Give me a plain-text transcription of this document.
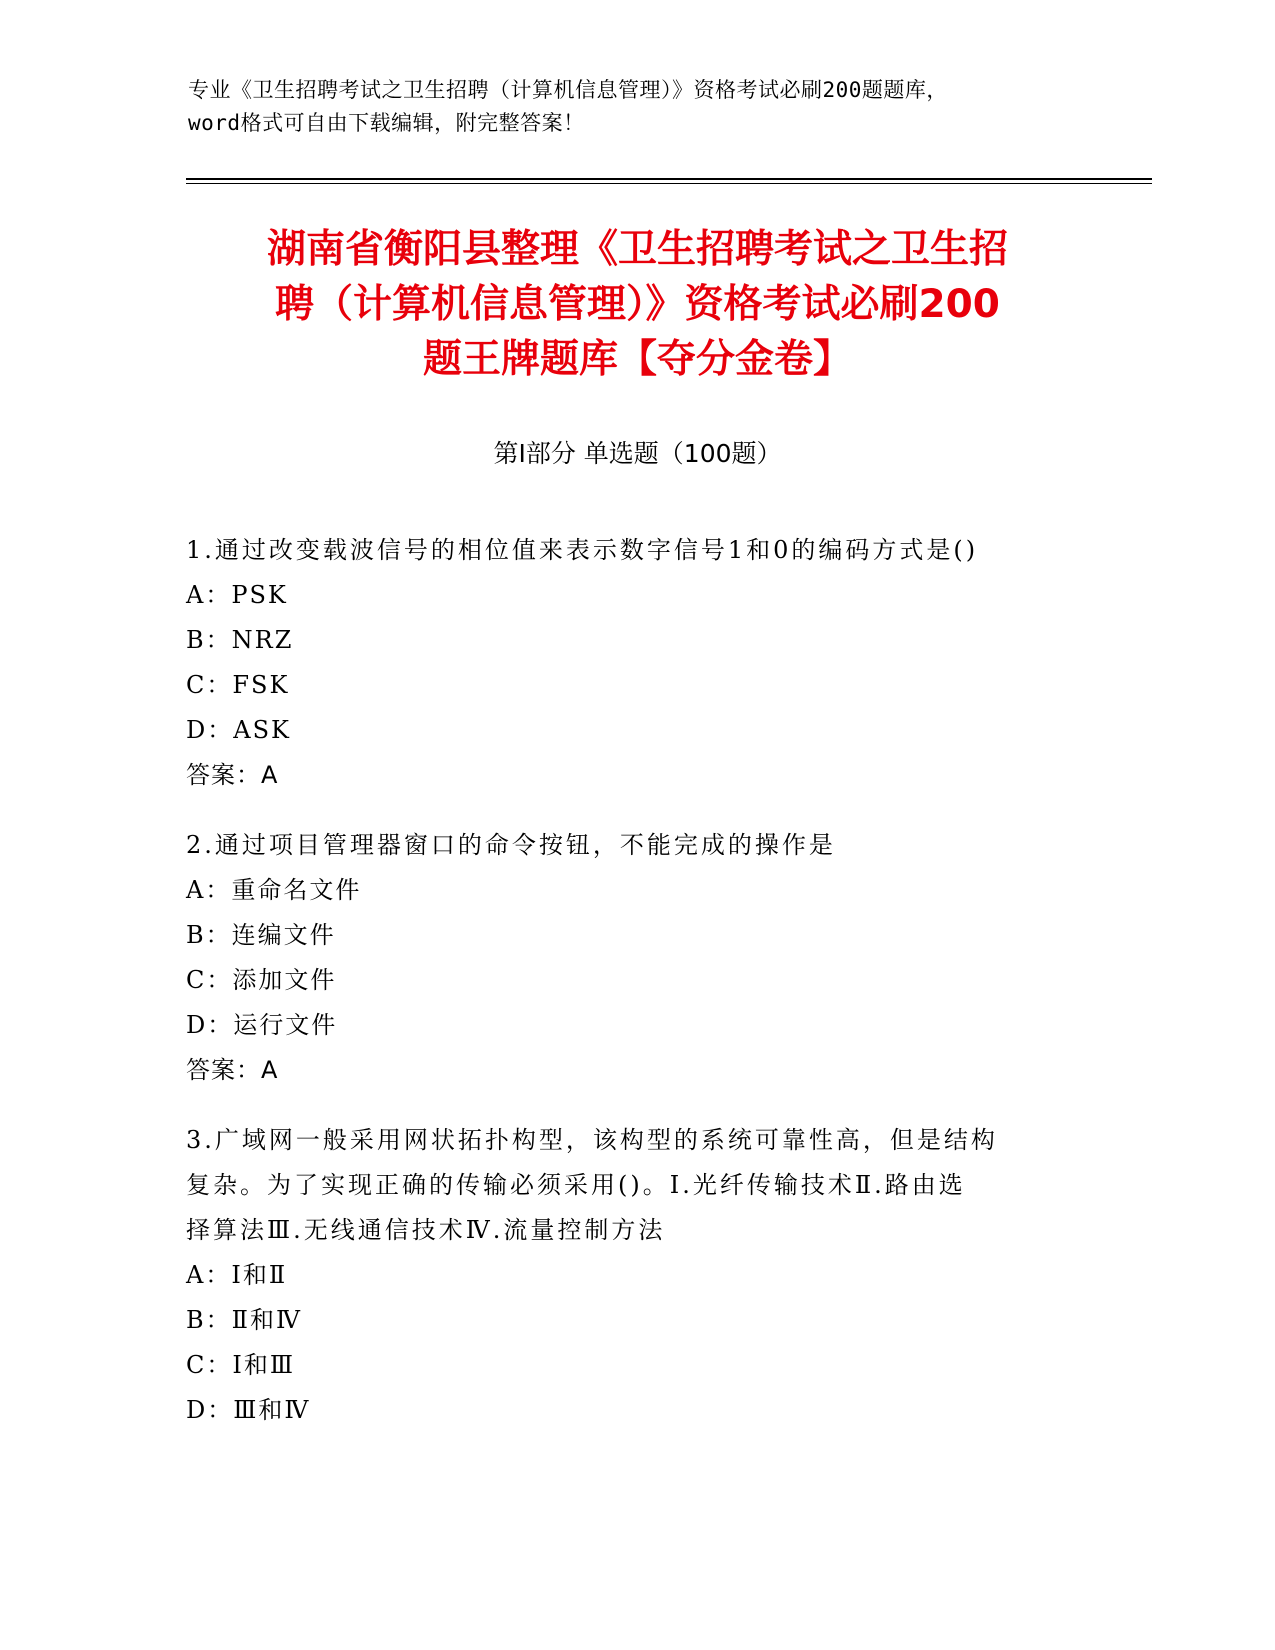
专业《卫生招聘考试之卫生招聘（计算机信息管理）》资格考试必刷200题题库，
word格式可自由下载编辑，附完整答案！
湖南省衡阳县整理《卫生招聘考试之卫生招
聘（计算机信息管理）》资格考试必刷200
题王牌题库【夺分金卷】
第Ⅰ部分 单选题（100题）
1.通过改变载波信号的相位值来表示数字信号1和0的编码方式是()
A：PSK
B：NRZ
C：FSK
D：ASK
答案：A
2.通过项目管理器窗口的命令按钮，不能完成的操作是
A：重命名文件
B：连编文件
C：添加文件
D：运行文件
答案：A
3.广域网一般采用网状拓扑构型，该构型的系统可靠性高，但是结构
复杂。为了实现正确的传输必须采用()。Ⅰ.光纤传输技术Ⅱ.路由选
择算法Ⅲ.无线通信技术Ⅳ.流量控制方法
A：Ⅰ和Ⅱ
B：Ⅱ和Ⅳ
C：Ⅰ和Ⅲ
D：Ⅲ和Ⅳ
